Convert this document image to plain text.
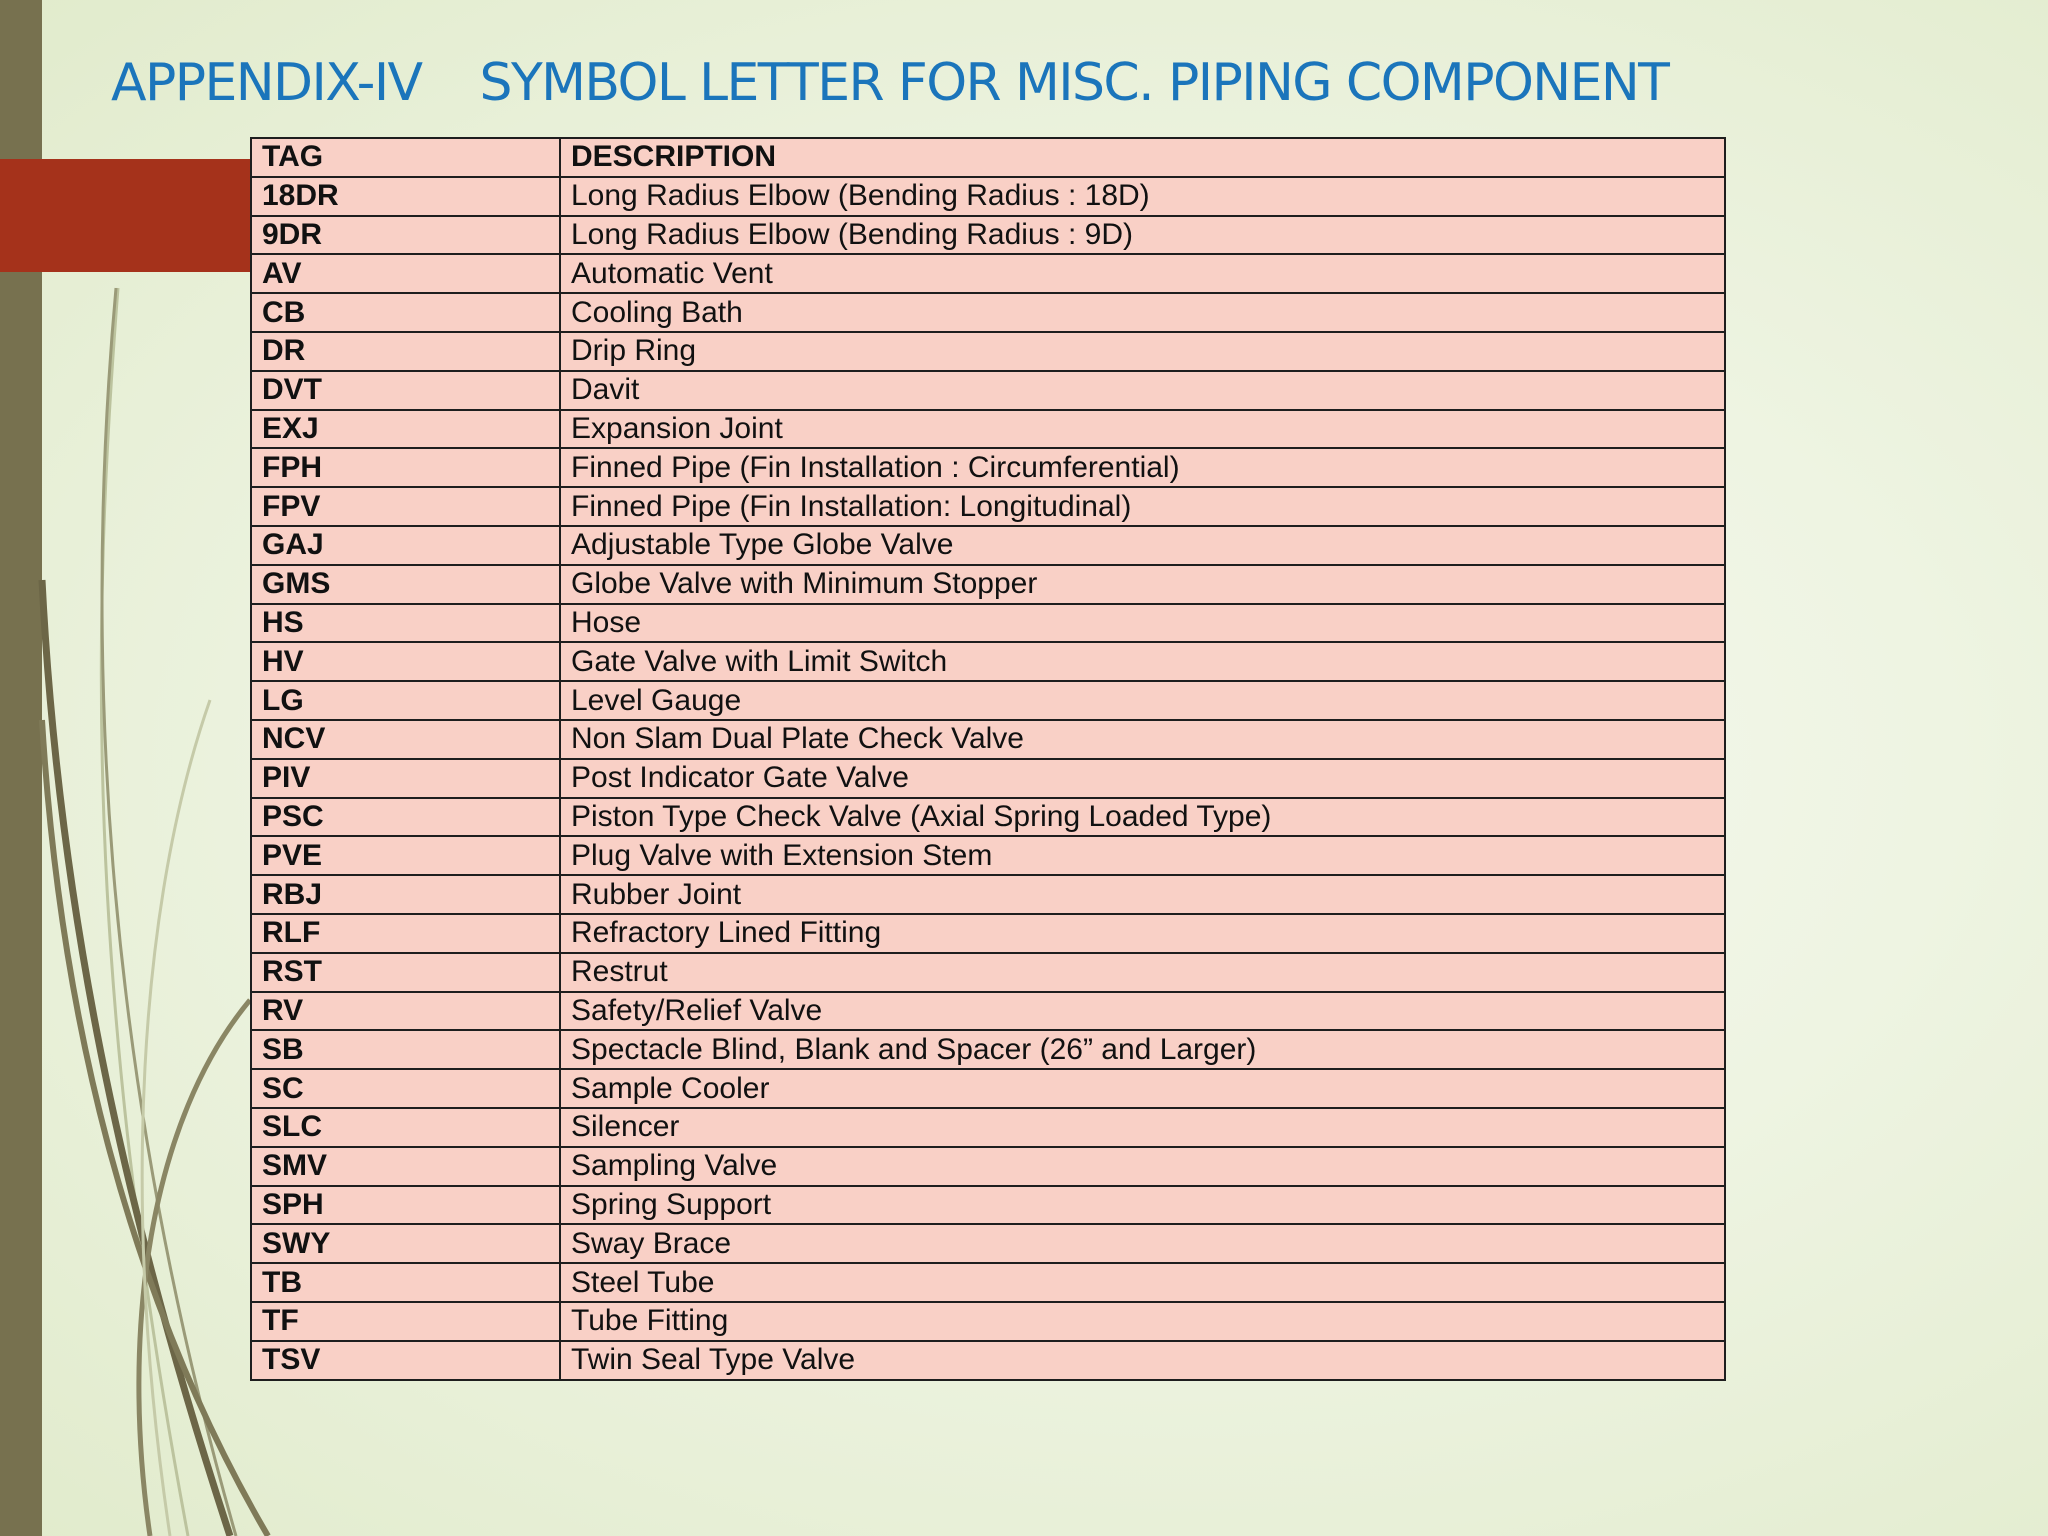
APPENDIX-IV SYMBOL LETTER FOR MISC. PIPING COMPONENT
TAG	DESCRIPTION
18DR	Long Radius Elbow (Bending Radius : 18D)
9DR	Long Radius Elbow (Bending Radius : 9D)
AV	Automatic Vent
CB	Cooling Bath
DR	Drip Ring
DVT	Davit
EXJ	Expansion Joint
FPH	Finned Pipe (Fin Installation : Circumferential)
FPV	Finned Pipe (Fin Installation: Longitudinal)
GAJ	Adjustable Type Globe Valve
GMS	Globe Valve with Minimum Stopper
HS	Hose
HV	Gate Valve with Limit Switch
LG	Level Gauge
NCV	Non Slam Dual Plate Check Valve
PIV	Post Indicator Gate Valve
PSC	Piston Type Check Valve (Axial Spring Loaded Type)
PVE	Plug Valve with Extension Stem
RBJ	Rubber Joint
RLF	Refractory Lined Fitting
RST	Restrut
RV	Safety/Relief Valve
SB	Spectacle Blind, Blank and Spacer (26” and Larger)
SC	Sample Cooler
SLC	Silencer
SMV	Sampling Valve
SPH	Spring Support
SWY	Sway Brace
TB	Steel Tube
TF	Tube Fitting
TSV	Twin Seal Type Valve
